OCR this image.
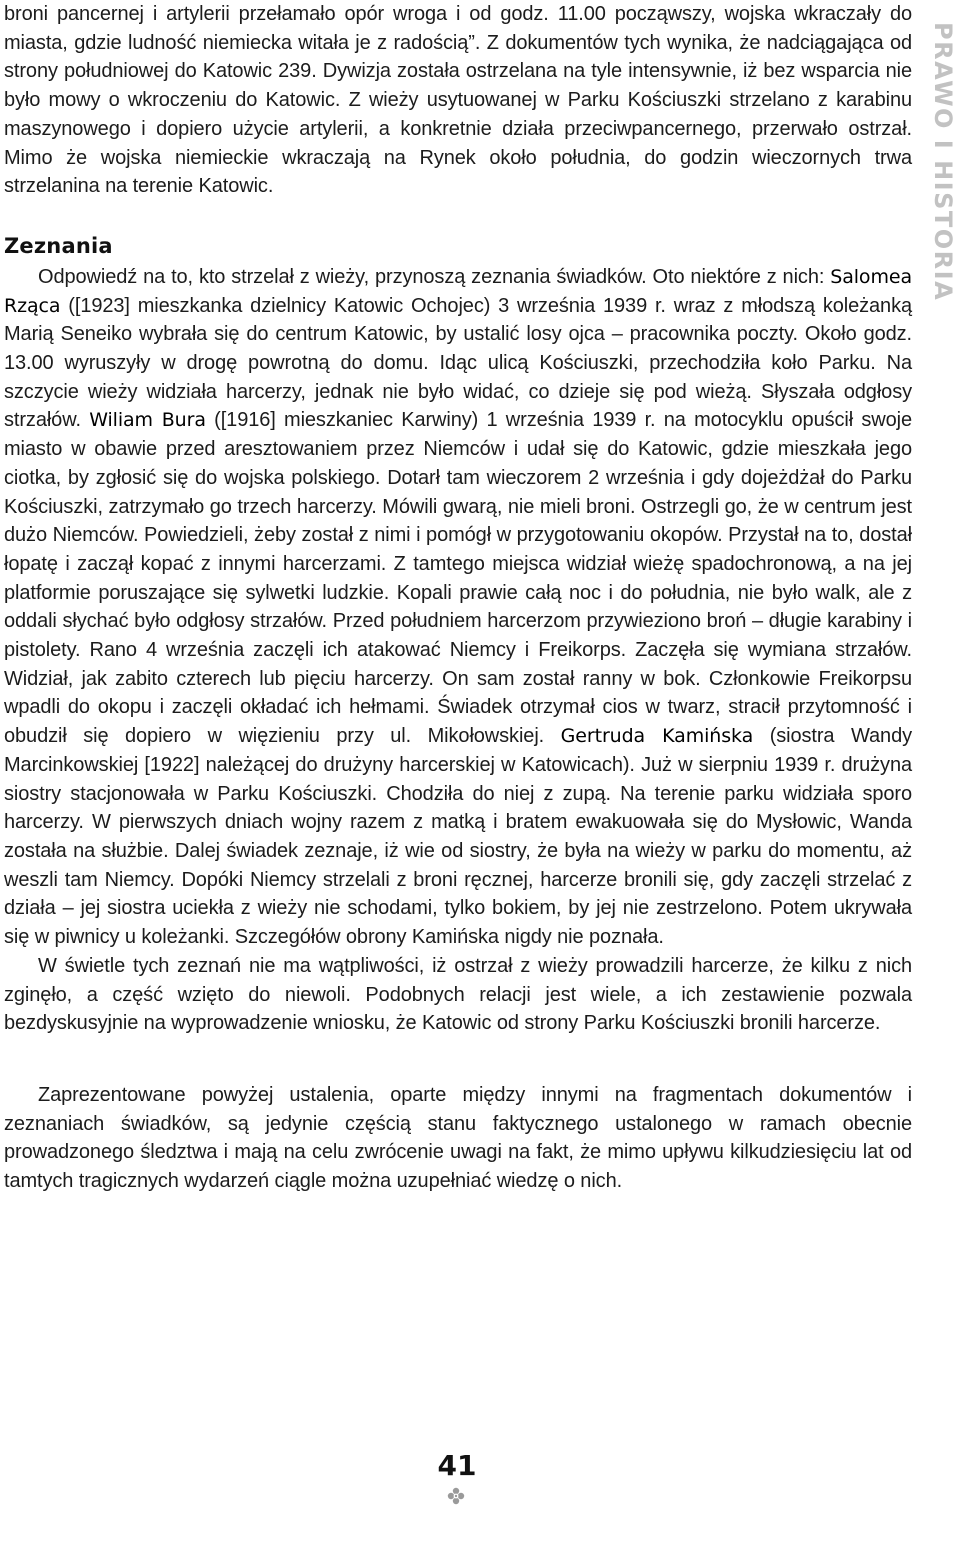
broni pancernej i artylerii przełamało opór wroga i od godz. 11.00 począwszy, wojska wkraczały do miasta, gdzie ludność niemiecka witała je z radością”. Z dokumentów tych wynika, że nadciągająca od strony południowej do Katowic 239. Dywizja została ostrzelana na tyle intensywnie, iż bez wsparcia nie było mowy o wkroczeniu do Katowic. Z wieży usytuowanej w Parku Kościuszki strzelano z karabinu maszynowego i dopiero użycie artylerii, a konkretnie działa przeciwpancernego, przerwało ostrzał. Mimo że wojska niemieckie wkraczają na Rynek około południa, do godzin wieczornych trwa strzelanina na terenie Katowic.

Zeznania

Odpowiedź na to, kto strzelał z wieży, przynoszą zeznania świadków. Oto niektóre z nich: Salomea Rząca ([1923] mieszkanka dzielnicy Katowic Ochojec) 3 września 1939 r. wraz z młodszą koleżanką Marią Seneiko wybrała się do centrum Katowic, by ustalić losy ojca – pracownika poczty. Około godz. 13.00 wyruszyły w drogę powrotną do domu. Idąc ulicą Kościuszki, przechodziła koło Parku. Na szczycie wieży widziała harcerzy, jednak nie było widać, co dzieje się pod wieżą. Słyszała odgłosy strzałów. Wiliam Bura ([1916] mieszkaniec Karwiny) 1 września 1939 r. na motocyklu opuścił swoje miasto w obawie przed aresztowaniem przez Niemców i udał się do Katowic, gdzie mieszkała jego ciotka, by zgłosić się do wojska polskiego. Dotarł tam wieczorem 2 września i gdy dojeżdżał do Parku Kościuszki, zatrzymało go trzech harcerzy. Mówili gwarą, nie mieli broni. Ostrzegli go, że w centrum jest dużo Niemców. Powiedzieli, żeby został z nimi i pomógł w przygotowaniu okopów. Przystał na to, dostał łopatę i zaczął kopać z innymi harcerzami. Z tamtego miejsca widział wieżę spadochronową, a na jej platformie poruszające się sylwetki ludzkie. Kopali prawie całą noc i do południa, nie było walk, ale z oddali słychać było odgłosy strzałów. Przed południem harcerzom przywieziono broń – długie karabiny i pistolety. Rano 4 września zaczęli ich atakować Niemcy i Freikorps. Zaczęła się wymiana strzałów. Widział, jak zabito czterech lub pięciu harcerzy. On sam został ranny w bok. Członkowie Freikorpsu wpadli do okopu i zaczęli okładać ich hełmami. Świadek otrzymał cios w twarz, stracił przytomność i obudził się dopiero w więzieniu przy ul. Mikołowskiej. Gertruda Kamińska (siostra Wandy Marcinkowskiej [1922] należącej do drużyny harcerskiej w Katowicach). Już w sierpniu 1939 r. drużyna siostry stacjonowała w Parku Kościuszki. Chodziła do niej z zupą. Na terenie parku widziała sporo harcerzy. W pierwszych dniach wojny razem z matką i bratem ewakuowała się do Mysłowic, Wanda została na służbie. Dalej świadek zeznaje, iż wie od siostry, że była na wieży w parku do momentu, aż weszli tam Niemcy. Dopóki Niemcy strzelali z broni ręcznej, harcerze bronili się, gdy zaczęli strzelać z działa – jej siostra uciekła z wieży nie schodami, tylko bokiem, by jej nie zestrzelono. Potem ukrywała się w piwnicy u koleżanki. Szczegółów obrony Kamińska nigdy nie poznała.

W świetle tych zeznań nie ma wątpliwości, iż ostrzał z wieży prowadzili harcerze, że kilku z nich zginęło, a część wzięto do niewoli. Podobnych relacji jest wiele, a ich zestawienie pozwala bezdyskusyjnie na wyprowadzenie wniosku, że Katowic od strony Parku Kościuszki bronili harcerze.

Zaprezentowane powyżej ustalenia, oparte między innymi na fragmentach dokumentów i zeznaniach świadków, są jedynie częścią stanu faktycznego ustalonego w ramach obecnie prowadzonego śledztwa i mają na celu zwrócenie uwagi na fakt, że mimo upływu kilkudziesięciu lat od tamtych tragicznych wydarzeń ciągle można uzupełniać wiedzę o nich.

PRAWO I HISTORIA
41
